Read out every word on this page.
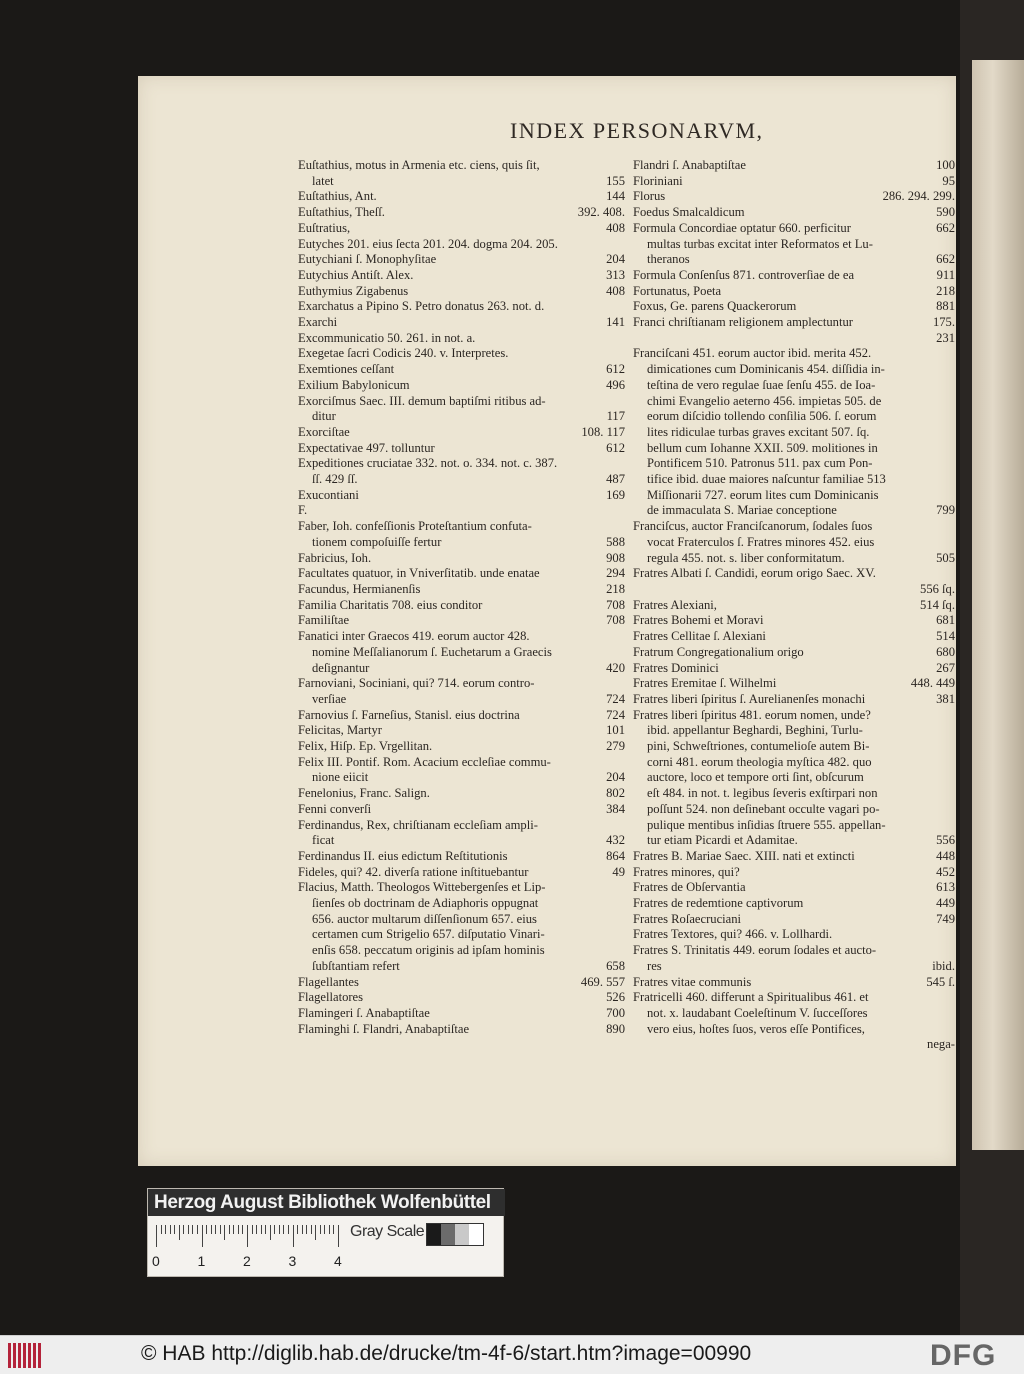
INDEX PERSONARVM,
Euſtathius, motus in Armenia etc. ciens, quis ſit,
latet	155
Euſtathius, Ant.	144
Euſtathius, Theſſ.	392. 408.
Euſtratius,	408
Eutyches 201. eius ſecta 201. 204. dogma 204. 205.
Eutychiani ſ. Monophyſitae	204
Eutychius Antiſt. Alex.	313
Euthymius Zigabenus	408
Exarchatus a Pipino S. Petro donatus 263. not. d.
Exarchi	141
Excommunicatio 50. 261. in not. a.
Exegetae ſacri Codicis 240. v. Interpretes.
Exemtiones ceſſant	612
Exilium Babylonicum	496
Exorciſmus Saec. III. demum baptiſmi ritibus ad-
ditur	117
Exorciſtae	108. 117
Expectativae 497. tolluntur	612
Expeditiones cruciatae 332. not. o. 334. not. c. 387.
ſſ. 429 ſſ.	487
Exucontiani	169
F.
Faber, Ioh. confeſſionis Proteſtantium confuta-
tionem compoſuiſſe fertur	588
Fabricius, Ioh.	908
Facultates quatuor, in Vniverſitatib. unde enatae	294
Facundus, Hermianenſis	218
Familia Charitatis 708. eius conditor	708
Familiſtae	708
Fanatici inter Graecos 419. eorum auctor 428.
nomine Meſſalianorum ſ. Euchetarum a Graecis
deſignantur	420
Farnoviani, Sociniani, qui? 714. eorum contro-
verſiae	724
Farnovius ſ. Farneſius, Stanisl. eius doctrina	724
Felicitas, Martyr	101
Felix, Hiſp. Ep. Vrgellitan.	279
Felix III. Pontif. Rom. Acacium eccleſiae commu-
nione eiicit	204
Fenelonius, Franc. Salign.	802
Fenni converſi	384
Ferdinandus, Rex, chriſtianam eccleſiam ampli-
ficat	432
Ferdinandus II. eius edictum Reſtitutionis	864
Fideles, qui? 42. diverſa ratione inſtituebantur	49
Flacius, Matth. Theologos Wittebergenſes et Lip-
ſienſes ob doctrinam de Adiaphoris oppugnat
656. auctor multarum diſſenſionum 657. eius
certamen cum Strigelio 657. diſputatio Vinari-
enſis 658. peccatum originis ad ipſam hominis
ſubſtantiam refert	658
Flagellantes	469. 557
Flagellatores	526
Flamingeri ſ. Anabaptiſtae	700
Flaminghi ſ. Flandri, Anabaptiſtae	890
Flandri ſ. Anabaptiſtae	100
Floriniani	95
Florus	286. 294. 299.
Foedus Smalcaldicum	590
Formula Concordiae optatur 660. perficitur	662
multas turbas excitat inter Reformatos et Lu-
theranos	662
Formula Conſenſus 871. controverſiae de ea	911
Fortunatus, Poeta	218
Foxus, Ge. parens Quackerorum	881
Franci chriſtianam religionem amplectuntur	175.
231
Franciſcani 451. eorum auctor ibid. merita 452.
dimicationes cum Dominicanis 454. diſſidia in-
teſtina de vero regulae ſuae ſenſu 455. de Ioa-
chimi Evangelio aeterno 456. impietas 505. de
eorum diſcidio tollendo conſilia 506. ſ. eorum
lites ridiculae turbas graves excitant 507. ſq.
bellum cum Iohanne XXII. 509. molitiones in
Pontificem 510. Patronus 511. pax cum Pon-
tifice ibid. duae maiores naſcuntur familiae 513
Miſſionarii 727. eorum lites cum Dominicanis
de immaculata S. Mariae conceptione	799
Franciſcus, auctor Franciſcanorum, ſodales ſuos
vocat Fraterculos ſ. Fratres minores 452. eius
regula 455. not. s. liber conformitatum.	505
Fratres Albati ſ. Candidi, eorum origo Saec. XV.
556 ſq.
Fratres Alexiani,	514 ſq.
Fratres Bohemi et Moravi	681
Fratres Cellitae ſ. Alexiani	514
Fratrum Congregationalium origo	680
Fratres Dominici	267
Fratres Eremitae ſ. Wilhelmi	448. 449
Fratres liberi ſpiritus ſ. Aurelianenſes monachi	381
Fratres liberi ſpiritus 481. eorum nomen, unde?
ibid. appellantur Beghardi, Beghini, Turlu-
pini, Schweſtriones, contumelioſe autem Bi-
corni 481. eorum theologia myſtica 482. quo
auctore, loco et tempore orti ſint, obſcurum
eſt 484. in not. t. legibus ſeveris exſtirpari non
poſſunt 524. non deſinebant occulte vagari po-
pulique mentibus inſidias ſtruere 555. appellan-
tur etiam Picardi et Adamitae.	556
Fratres B. Mariae Saec. XIII. nati et extincti	448
Fratres minores, qui?	452
Fratres de Obſervantia	613
Fratres de redemtione captivorum	449
Fratres Roſaecruciani	749
Fratres Textores, qui? 466. v. Lollhardi.
Fratres S. Trinitatis 449. eorum ſodales et aucto-
res	ibid.
Fratres vitae communis	545 ſ.
Fratricelli 460. differunt a Spiritualibus 461. et
not. x. laudabant Coeleſtinum V. ſucceſſores
vero eius, hoſtes ſuos, veros eſſe Pontifices,
nega-
Herzog August Bibliothek Wolfenbüttel
Gray Scale
0	1	2	3	4
© HAB http://diglib.hab.de/drucke/tm-4f-6/start.htm?image=00990	DFG
